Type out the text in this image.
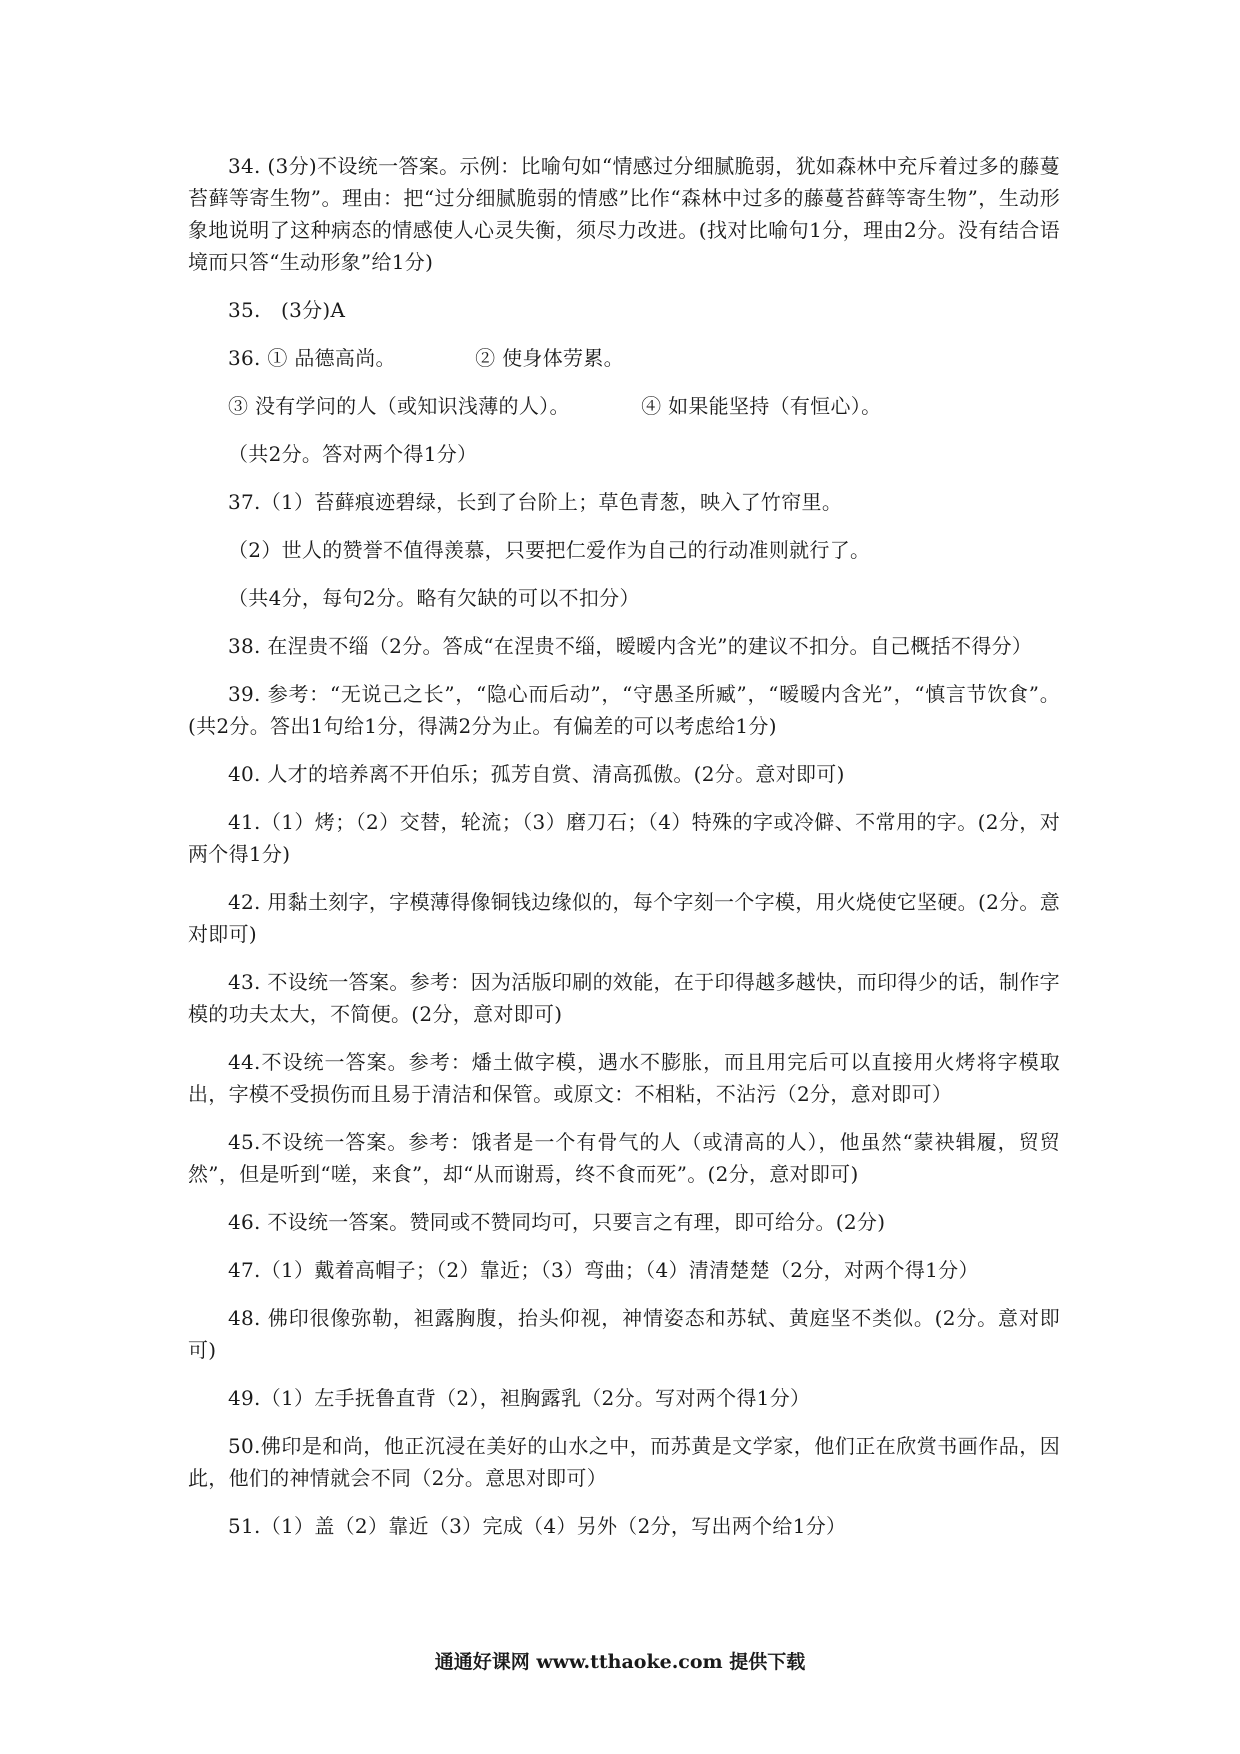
34. (3分)不设统一答案。示例：比喻句如“情感过分细腻脆弱，犹如森林中充斥着过多的藤蔓苔藓等寄生物”。理由：把“过分细腻脆弱的情感”比作“森林中过多的藤蔓苔藓等寄生物”，生动形象地说明了这种病态的情感使人心灵失衡，须尽力改进。(找对比喻句1分，理由2分。没有结合语境而只答“生动形象”给1分)

35.　(3分)A

36. ① 品德高尚。	② 使身体劳累。

③ 没有学问的人（或知识浅薄的人）。	④ 如果能坚持（有恒心）。

（共2分。答对两个得1分）

37.（1）苔藓痕迹碧绿，长到了台阶上；草色青葱，映入了竹帘里。

（2）世人的赞誉不值得羡慕，只要把仁爱作为自己的行动准则就行了。

（共4分，每句2分。略有欠缺的可以不扣分）

38. 在涅贵不缁（2分。答成“在涅贵不缁，暧暧内含光”的建议不扣分。自己概括不得分）

39. 参考：“无说己之长”，“隐心而后动”，“守愚圣所臧”，“暧暧内含光”，“慎言节饮食”。(共2分。答出1句给1分，得满2分为止。有偏差的可以考虑给1分)

40. 人才的培养离不开伯乐；孤芳自赏、清高孤傲。(2分。意对即可)

41.（1）烤；（2）交替，轮流；（3）磨刀石；（4）特殊的字或冷僻、不常用的字。(2分，对两个得1分)

42. 用黏土刻字，字模薄得像铜钱边缘似的，每个字刻一个字模，用火烧使它坚硬。(2分。意对即可)

43. 不设统一答案。参考：因为活版印刷的效能，在于印得越多越快，而印得少的话，制作字模的功夫太大，不简便。(2分，意对即可)

44.不设统一答案。参考：燔土做字模，遇水不膨胀，而且用完后可以直接用火烤将字模取出，字模不受损伤而且易于清洁和保管。或原文：不相粘，不沾污（2分，意对即可）

45.不设统一答案。参考：饿者是一个有骨气的人（或清高的人），他虽然“蒙袂辑履，贸贸然”，但是听到“嗟，来食”，却“从而谢焉，终不食而死”。(2分，意对即可)

46. 不设统一答案。赞同或不赞同均可，只要言之有理，即可给分。(2分)

47.（1）戴着高帽子；（2）靠近；（3）弯曲；（4）清清楚楚（2分，对两个得1分）

48. 佛印很像弥勒，袒露胸腹，抬头仰视，神情姿态和苏轼、黄庭坚不类似。(2分。意对即可)

49.（1）左手抚鲁直背（2），袒胸露乳（2分。写对两个得1分）

50.佛印是和尚，他正沉浸在美好的山水之中，而苏黄是文学家，他们正在欣赏书画作品，因此，他们的神情就会不同（2分。意思对即可）

51.（1）盖（2）靠近（3）完成（4）另外（2分，写出两个给1分）

通通好课网 www.tthaoke.com 提供下载
